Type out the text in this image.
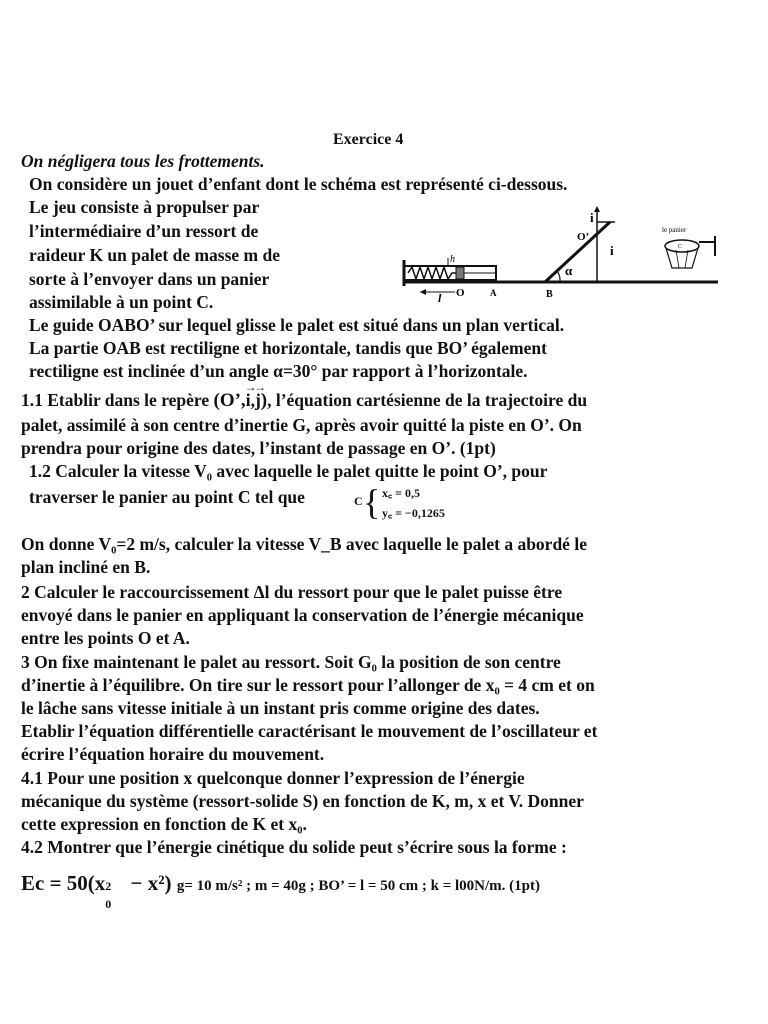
Exercice 4
On négligera tous les frottements.
On considère un jouet d’enfant dont le schéma est représenté ci-dessous.
Le jeu consiste à propulser par
l’intermédiaire d’un ressort de
raideur K un palet de masse m de
sorte à l’envoyer dans un panier
assimilable à un point C.
Le guide OABO’ sur lequel glisse le palet est situé dans un plan vertical.
La partie OAB est rectiligne et horizontale, tandis que BO’ également
rectiligne est inclinée d’un angle α=30° par rapport à l’horizontale.
1.1 Etablir dans le repère (O’,→ i,→ j), l’équation cartésienne de la trajectoire du
palet, assimilé à son centre d’inertie G, après avoir quitté la piste en O’. On
prendra pour origine des dates, l’instant de passage en O’. (1pt)
1.2 Calculer la vitesse V₀ avec laquelle le palet quitte le point O’, pour
traverser le panier au point C tel que	C { x꜀ = 0,5
y꜀ = −0,1265
On donne V₀=2 m/s, calculer la vitesse V_B avec laquelle le palet a abordé le
plan incliné en B.
2 Calculer le raccourcissement Δl du ressort pour que le palet puisse être
envoyé dans le panier en appliquant la conservation de l’énergie mécanique
entre les points O et A.
3 On fixe maintenant le palet au ressort. Soit G₀ la position de son centre
d’inertie à l’équilibre. On tire sur le ressort pour l’allonger de x₀ = 4 cm et on
le lâche sans vitesse initiale à un instant pris comme origine des dates.
Etablir l’équation différentielle caractérisant le mouvement de l’oscillateur et
écrire l’équation horaire du mouvement.
4.1 Pour une position x quelconque donner l’expression de l’énergie
mécanique du système (ressort-solide S) en fonction de K, m, x et V. Donner
cette expression en fonction de K et x₀.
4.2 Montrer que l’énergie cinétique du solide peut s’écrire sous la forme :
Ec = 50(x 2
0
− x²) g= 10 m/s² ; m = 40g ; BO’ = l = 50 cm ; k = l00N/m. (1pt)
h
l O	A	B
α
O’
i
i
le panier
C
